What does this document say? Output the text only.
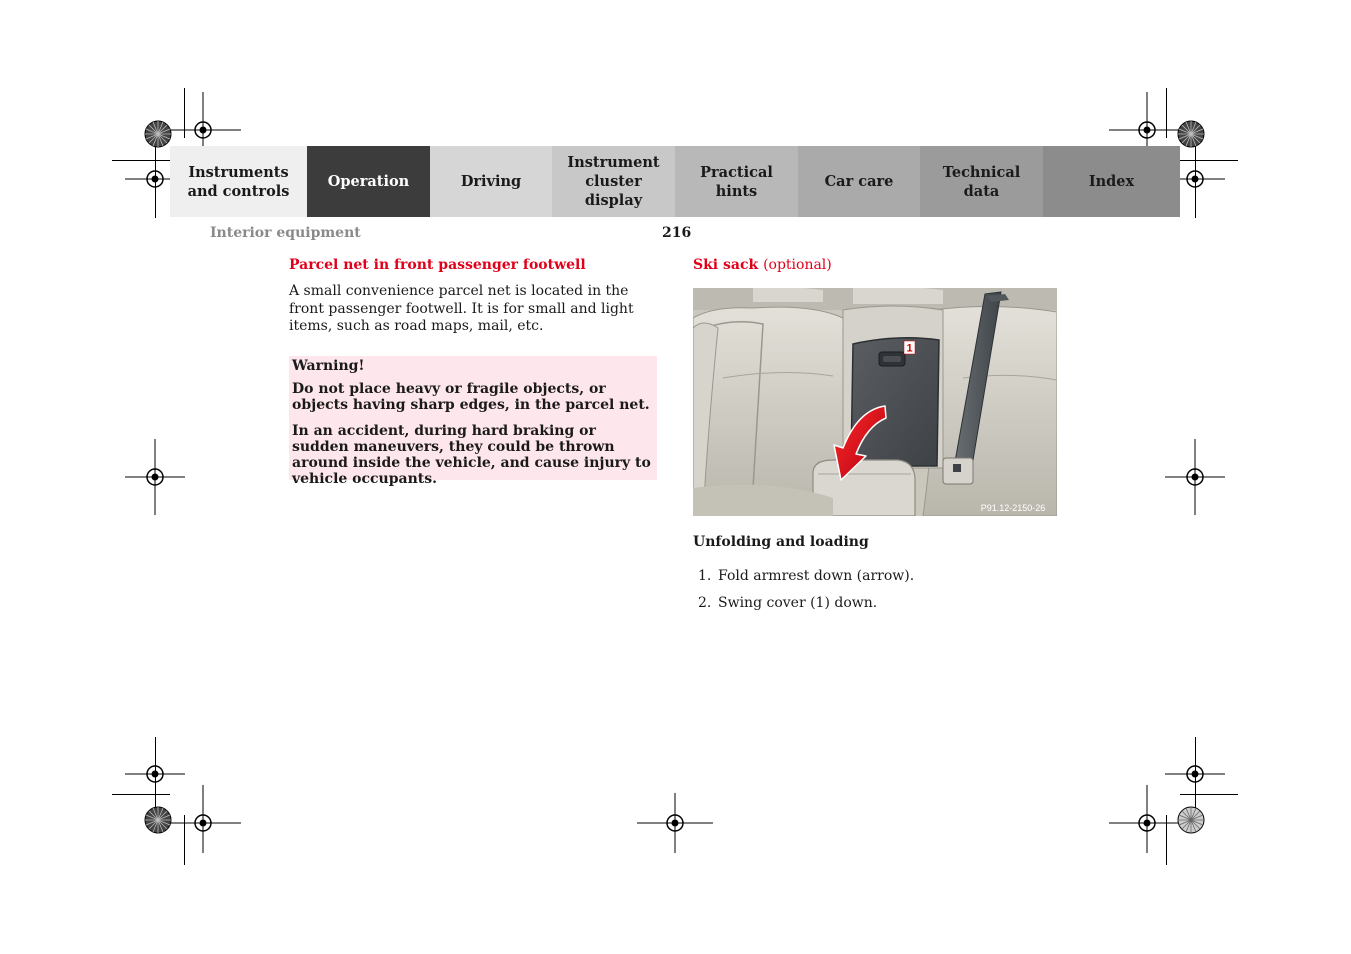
Instruments
and controls
Operation	Driving
Instrument
cluster display
Practical hints
Car care
Technical
data
Index
Interior equipment	216
Parcel net in front passenger footwell
A small convenience parcel net is located in the front passenger footwell. It is for small and light items, such as road maps, mail, etc.
Warning!
Do not place heavy or fragile objects, or objects having sharp edges, in the parcel net.
In an accident, during hard braking or sudden maneuvers, they could be thrown around inside the vehicle, and cause injury to vehicle occupants.
Ski sack (optional)
1
P91.12-2150-26
Unfolding and loading
1. Fold armrest down (arrow).
2. Swing cover (1) down.
